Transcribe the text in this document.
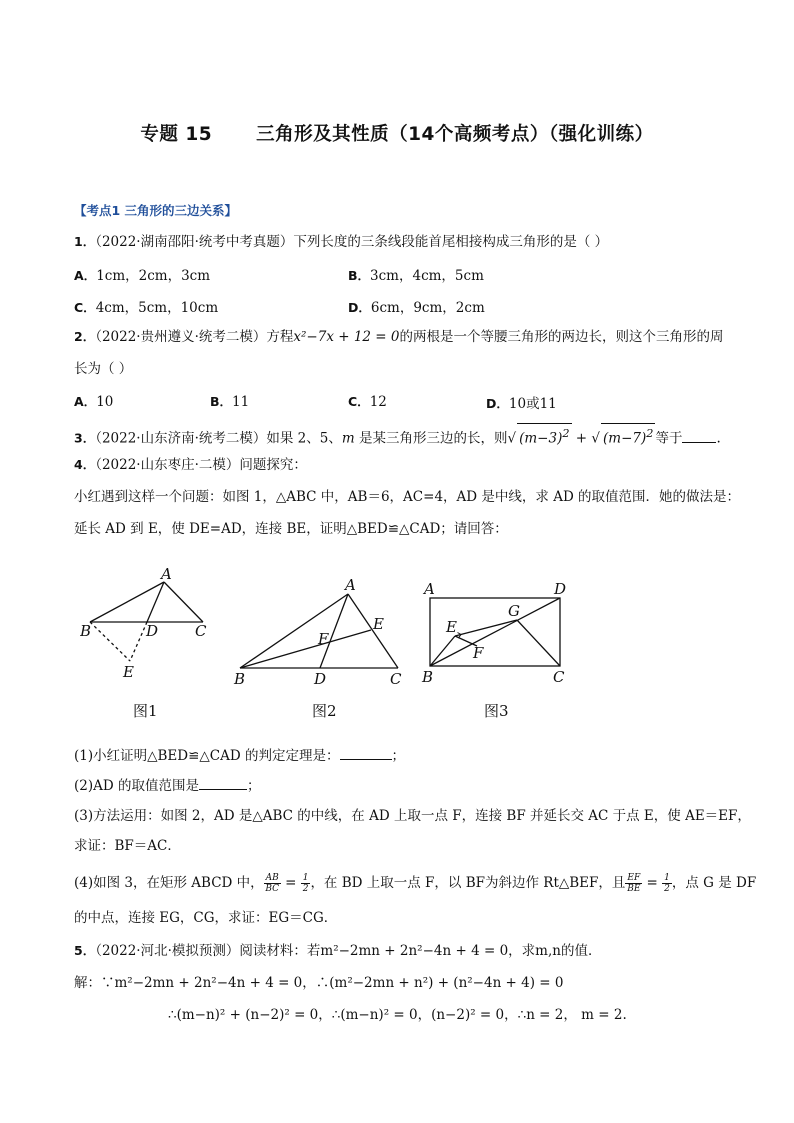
专题 15 三角形及其性质（14个高频考点）（强化训练）
【考点1 三角形的三边关系】
1．（2022·湖南邵阳·统考中考真题）下列长度的三条线段能首尾相接构成三角形的是（ ）
A．1cm，2cm，3cm	B．3cm，4cm，5cm
C．4cm，5cm，10cm	D．6cm，9cm，2cm
2．（2022·贵州遵义·统考二模）方程x²−7x + 12 = 0的两根是一个等腰三角形的两边长，则这个三角形的周
长为（ ）
A．10	B．11	C．12	D．10或11
3．（2022·山东济南·统考二模）如果 2、5、m 是某三角形三边的长，则√ $(m-3)^2$ + √ $(m-7)^2$ 等于	.
4．（2022·山东枣庄·二模）问题探究：
小红遇到这样一个问题：如图 1，△ABC 中，AB＝6，AC=4，AD 是中线，求 AD 的取值范围．她的做法是：
延长 AD 到 E，使 DE=AD，连接 BE，证明△BED≌△CAD；请回答：
A
B	D C
E
A
E
F
B	D	C
A	D
G
E
F
B	C
图1	图2	图3
(1)小红证明△BED≌△CAD 的判定定理是：	；
(2)AD 的取值范围是	；
(3)方法运用：如图 2，AD 是△ABC 的中线，在 AD 上取一点 F，连接 BF 并延长交 AC 于点 E，使 AE＝EF，
求证：BF＝AC．
(4)如图 3，在矩形 ABCD 中， $\frac{AB}{BC} = \frac{1}{2}$ ，在 BD 上取一点 F，以 BF为斜边作 Rt△BEF，且 $\frac{EF}{BE} = \frac{1}{2}$ ，点 G 是 DF
的中点，连接 EG，CG，求证：EG＝CG．
5．（2022·河北·模拟预测）阅读材料：若m²−2mn + 2n²−4n + 4 = 0，求m,n的值．
解：∵m²−2mn + 2n²−4n + 4 = 0，∴(m²−2mn + n²) + (n²−4n + 4) = 0
∴(m−n)² + (n−2)² = 0，∴(m−n)² = 0，(n−2)² = 0，∴n = 2， m = 2.
